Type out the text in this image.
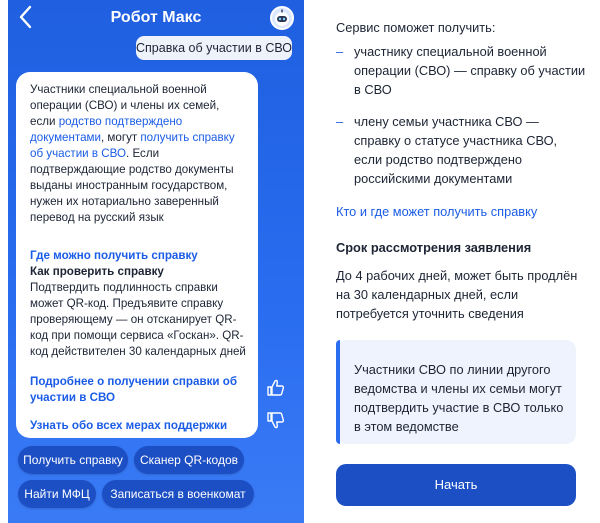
Робот Макс
Справка об участии в СВО

Участники специальной военной операции (СВО) и члены их семей, если родство подтверждено документами, могут получить справку об участии в СВО. Если подтверждающие родство документы выданы иностранным государством, нужен их нотариально заверенный перевод на русский язык

Где можно получить справку

Как проверить справку

Подтвердить подлинность справки может QR-код. Предъявите справку проверяющему — он отсканирует QR-код при помощи сервиса «Госкан». QR-код действителен 30 календарных дней

Подробнее о получении справки об участии в СВО
Узнать обо всех мерах поддержки
Получить справку	Сканер QR-кодов
Найти МФЦ	Записаться в военкомат
Сервис поможет получить:
– участнику специальной военной операции (СВО) — справку об участии в СВО
– члену семьи участника СВО — справку о статусе участника СВО, если родство подтверждено российскими документами
Кто и где может получить справку
Срок рассмотрения заявления
До 4 рабочих дней, может быть продлён на 30 календарных дней, если потребуется уточнить сведения
Участники СВО по линии другого ведомства и члены их семьи могут подтвердить участие в СВО только в этом ведомстве
Начать
